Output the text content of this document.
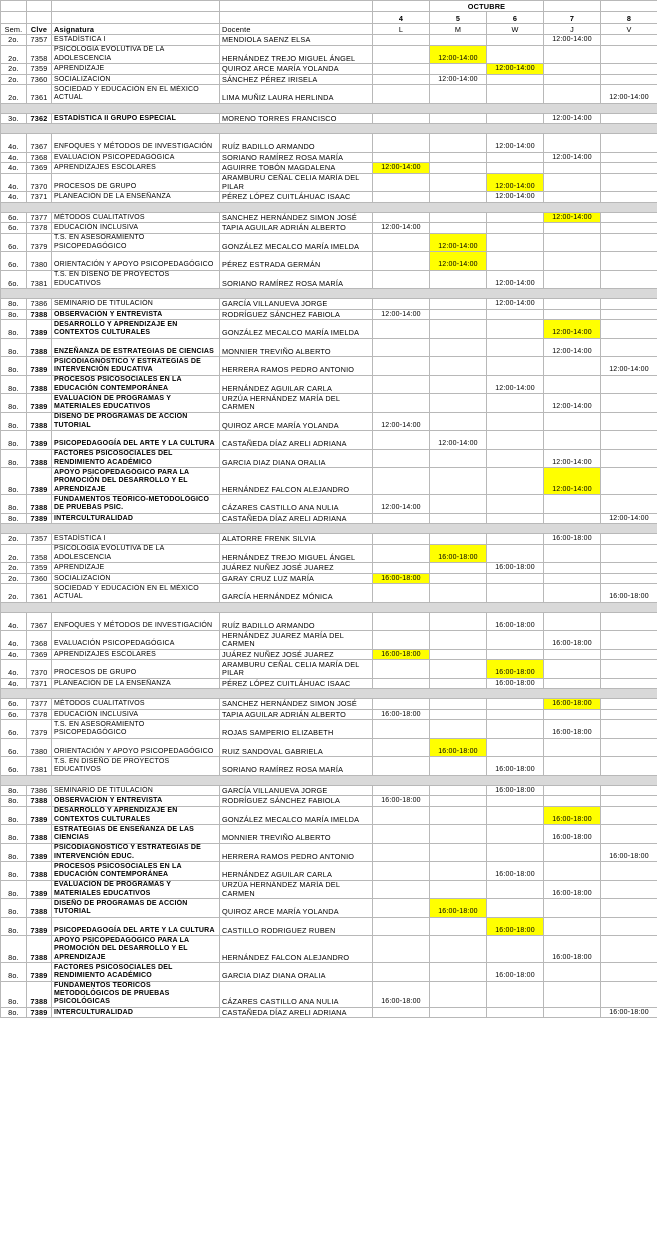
					OCTUBRE			
				4	5	6	7	8
Sem.	Clve	Asignatura	Docente	L	M	W	J	V
2o.	7357	ESTADÍSTICA I	MENDIOLA SAENZ ELSA				12:00-14:00	
2o.	7358	PSICOLOGÍA EVOLUTIVA DE LA ADOLESCENCIA	HERNÁNDEZ TREJO MIGUEL ÁNGEL		12:00-14:00			
2o.	7359	APRENDIZAJE	QUIROZ ARCE MARÍA YOLANDA			12:00-14:00		
2o.	7360	SOCIALIZACIÓN	SÁNCHEZ PÉREZ IRISELA		12:00-14:00			
2o.	7361	SOCIEDAD Y EDUCACIÓN EN EL MÉXICO ACTUAL	LIMA MUÑIZ LAURA HERLINDA					12:00-14:00

3o.	7362	ESTADÍSTICA II GRUPO ESPECIAL	MORENO TORRES FRANCISCO				12:00-14:00	

4o.	7367	ENFOQUES Y MÉTODOS DE INVESTIGACIÓN	RUÍZ BADILLO ARMANDO			12:00-14:00		
4o.	7368	EVALUACIÓN PSICOPEDAGÓGICA	SORIANO RAMÍREZ ROSA MARÍA				12:00-14:00	
4o.	7369	APRENDIZAJES ESCOLARES	AGUIRRE TOBÓN MAGDALENA	12:00-14:00				
4o.	7370	PROCESOS DE GRUPO	ARAMBURU CEÑAL CELIA MARÍA DEL PILAR			12:00-14:00		
4o.	7371	PLANEACIÓN DE LA ENSEÑANZA	PÉREZ LÓPEZ CUITLÁHUAC ISAAC			12:00-14:00		

6o.	7377	MÉTODOS CUALITATIVOS	SANCHEZ HERNÁNDEZ SIMON JOSÉ				12:00-14:00	
6o.	7378	EDUCACIÓN INCLUSIVA	TAPIA AGUILAR ADRIÁN ALBERTO	12:00-14:00				
6o.	7379	T.S. EN ASESORAMIENTO PSICOPEDAGÓGICO	GONZÁLEZ MECALCO MARÍA IMELDA		12:00-14:00			
6o.	7380	ORIENTACIÓN Y APOYO PSICOPEDAGÓGICO	PÉREZ ESTRADA GERMÁN		12:00-14:00			
6o.	7381	T.S. EN DISEÑO DE PROYECTOS EDUCATIVOS	SORIANO RAMÍREZ ROSA MARÍA			12:00-14:00		

8o.	7386	SEMINARIO DE TITULACIÓN	GARCÍA VILLANUEVA JORGE			12:00-14:00		
8o.	7388	OBSERVACIÓN Y ENTREVISTA	RODRÍGUEZ SÁNCHEZ FABIOLA	12:00-14:00				
8o.	7389	DESARROLLO Y APRENDIZAJE EN CONTEXTOS CULTURALES	GONZÁLEZ MECALCO MARÍA IMELDA				12:00-14:00	
8o.	7388	ENZEÑANZA DE ESTRATEGIAS DE CIENCIAS	MONNIER TREVIÑO ALBERTO				12:00-14:00	
8o.	7389	PSICODIAGNÓSTICO Y ESTRATEGIAS DE INTERVENCIÓN EDUCATIVA	HERRERA RAMOS PEDRO ANTONIO					12:00-14:00
8o.	7388	PROCESOS PSICOSOCIALES EN LA EDUCACIÓN CONTEMPORÁNEA	HERNÁNDEZ AGUILAR CARLA			12:00-14:00		
8o.	7389	EVALUACIÓN DE PROGRAMAS Y MATERIALES EDUCATIVOS	URZÚA HERNÁNDEZ MARÍA DEL CARMEN				12:00-14:00	
8o.	7388	DISEÑO DE PROGRAMAS DE ACCIÓN TUTORIAL	QUIROZ ARCE MARÍA YOLANDA	12:00-14:00				
8o.	7389	PSICOPEDAGOGÍA DEL ARTE Y LA CULTURA	CASTAÑEDA DÍAZ ARELI ADRIANA		12:00-14:00			
8o.	7388	FACTORES PSICOSOCIALES DEL RENDIMIENTO ACADÉMICO	GARCIA DIAZ DIANA ORALIA				12:00-14:00	
8o.	7389	APOYO PSICOPEDAGÓGICO PARA LA PROMOCIÓN DEL DESARROLLO Y EL APRENDIZAJE	HERNÁNDEZ FALCON ALEJANDRO				12:00-14:00	
8o.	7388	FUNDAMENTOS TEÓRICO-METODOLÓGICO DE PRUEBAS PSIC.	CÁZARES CASTILLO ANA NULIA	12:00-14:00				
8o.	7389	INTERCULTURALIDAD	CASTAÑEDA DÍAZ ARELI ADRIANA					12:00-14:00

2o.	7357	ESTADÍSTICA I	ALATORRE FRENK SILVIA				16:00-18:00	
2o.	7358	PSICOLOGÍA EVOLUTIVA DE LA ADOLESCENCIA	HERNÁNDEZ TREJO MIGUEL ÁNGEL		16:00-18:00			
2o.	7359	APRENDIZAJE	JUÁREZ NUÑEZ JOSÉ JUAREZ			16:00-18:00		
2o.	7360	SOCIALIZACIÓN	GARAY CRUZ LUZ MARÍA	16:00-18:00				
2o.	7361	SOCIEDAD Y EDUCACIÓN EN EL MÉXICO ACTUAL	GARCÍA HERNÁNDEZ MÓNICA					16:00-18:00

4o.	7367	ENFOQUES Y MÉTODOS DE INVESTIGACIÓN	RUÍZ BADILLO ARMANDO			16:00-18:00		
4o.	7368	EVALUACIÓN PSICOPEDAGÓGICA	HERNÁNDEZ JUAREZ MARÍA DEL CARMEN				16:00-18:00	
4o.	7369	APRENDIZAJES ESCOLARES	JUÁREZ NUÑEZ JOSÉ JUAREZ	16:00-18:00				
4o.	7370	PROCESOS DE GRUPO	ARAMBURU CEÑAL CELIA MARÍA DEL PILAR			16:00-18:00		
4o.	7371	PLANEACIÓN DE LA ENSEÑANZA	PÉREZ LÓPEZ CUITLÁHUAC ISAAC			16:00-18:00		

6o.	7377	MÉTODOS CUALITATIVOS	SANCHEZ HERNÁNDEZ SIMON JOSÉ				16:00-18:00	
6o.	7378	EDUCACIÓN INCLUSIVA	TAPIA AGUILAR ADRIÁN ALBERTO	16:00-18:00				
6o.	7379	T.S. EN ASESORAMIENTO PSICOPEDAGÓGICO	ROJAS SAMPERIO ELIZABETH				16:00-18:00	
6o.	7380	ORIENTACIÓN Y APOYO PSICOPEDAGÓGICO	RUIZ SANDOVAL GABRIELA		16:00-18:00			
6o.	7381	T.S. EN DISEÑO DE PROYECTOS EDUCATIVOS	SORIANO RAMÍREZ ROSA MARÍA			16:00-18:00		

8o.	7386	SEMINARIO DE TITULACIÓN	GARCÍA VILLANUEVA JORGE			16:00-18:00		
8o.	7388	OBSERVACIÓN Y ENTREVISTA	RODRÍGUEZ SÁNCHEZ FABIOLA	16:00-18:00				
8o.	7389	DESARROLLO Y APRENDIZAJE EN CONTEXTOS CULTURALES	GONZÁLEZ MECALCO MARÍA IMELDA				16:00-18:00	
8o.	7388	ESTRATEGIAS DE ENSEÑANZA DE LAS CIENCIAS	MONNIER TREVIÑO ALBERTO				16:00-18:00	
8o.	7389	PSICODIAGNÓSTICO Y ESTRATEGIAS DE INTERVENCIÓN EDUC.	HERRERA RAMOS PEDRO ANTONIO					16:00-18:00
8o.	7388	PROCESOS PSICOSOCIALES EN LA EDUCACIÓN CONTEMPORÁNEA	HERNÁNDEZ AGUILAR CARLA			16:00-18:00		
8o.	7389	EVALUACIÓN DE PROGRAMAS Y MATERIALES EDUCATIVOS	URZÚA HERNÁNDEZ MARÍA DEL CARMEN				16:00-18:00	
8o.	7388	DISEÑO DE PROGRAMAS DE ACCIÓN TUTORIAL	QUIROZ ARCE MARÍA YOLANDA		16:00-18:00			
8o.	7389	PSICOPEDAGOGÍA DEL ARTE Y LA CULTURA	CASTILLO RODRIGUEZ RUBEN			16:00-18:00		
8o.	7388	APOYO PSICOPEDAGÓGICO PARA LA PROMOCIÓN DEL DESARROLLO Y EL APRENDIZAJE	HERNÁNDEZ FALCON ALEJANDRO				16:00-18:00	
8o.	7389	FACTORES PSICOSOCIALES DEL RENDIMIENTO ACADÉMICO	GARCIA DIAZ DIANA ORALIA			16:00-18:00		
8o.	7388	FUNDAMENTOS TEÓRICOS METODOLÓGICOS DE PRUEBAS PSICOLÓGICAS	CÁZARES CASTILLO ANA NULIA	16:00-18:00				
8o.	7389	INTERCULTURALIDAD	CASTAÑEDA DÍAZ ARELI ADRIANA					16:00-18:00
